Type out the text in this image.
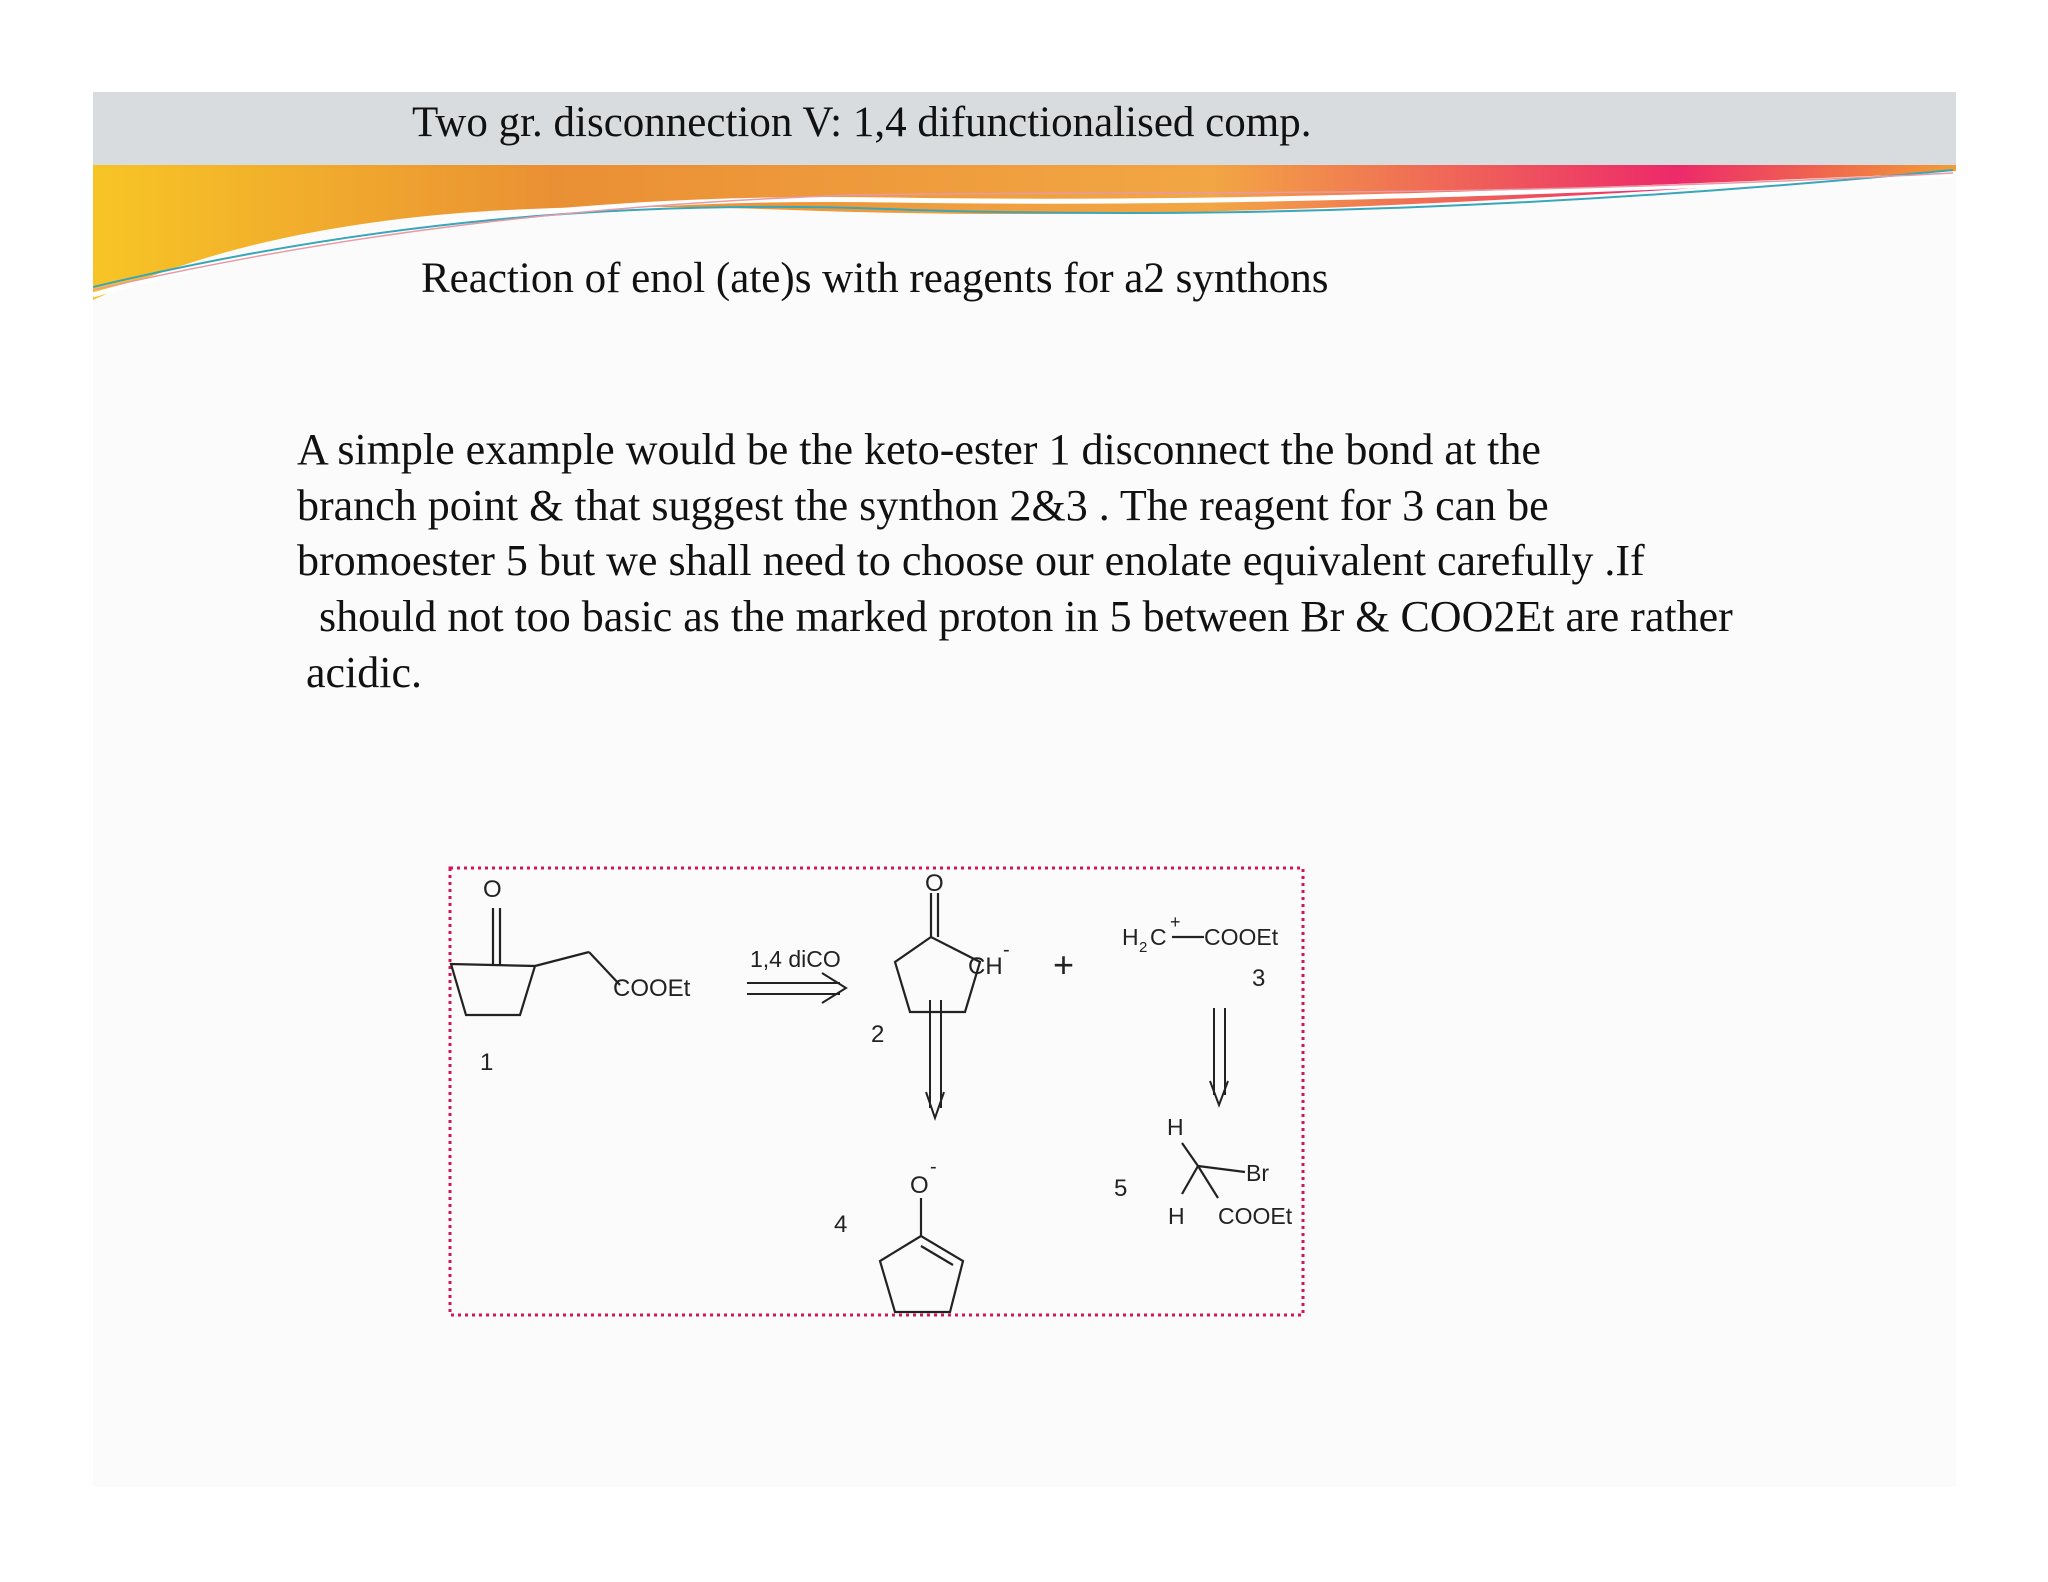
Two gr. disconnection V: 1,4 difunctionalised comp.
Reaction of enol (ate)s with reagents for a2 synthons
A simple example would be the keto-ester 1 disconnect the bond at the
branch point & that suggest the synthon 2&3 . The reagent for 3 can be
bromoester 5 but we shall need to choose our enolate equivalent carefully .If
should not too basic as the marked proton in 5 between Br & COO2Et are rather
acidic.
O
COOEt
1
1,4 diCO
O
CH
-
2
+
H 2 C
+
COOEt
3
O
-
4
H
H
Br
COOEt
5
